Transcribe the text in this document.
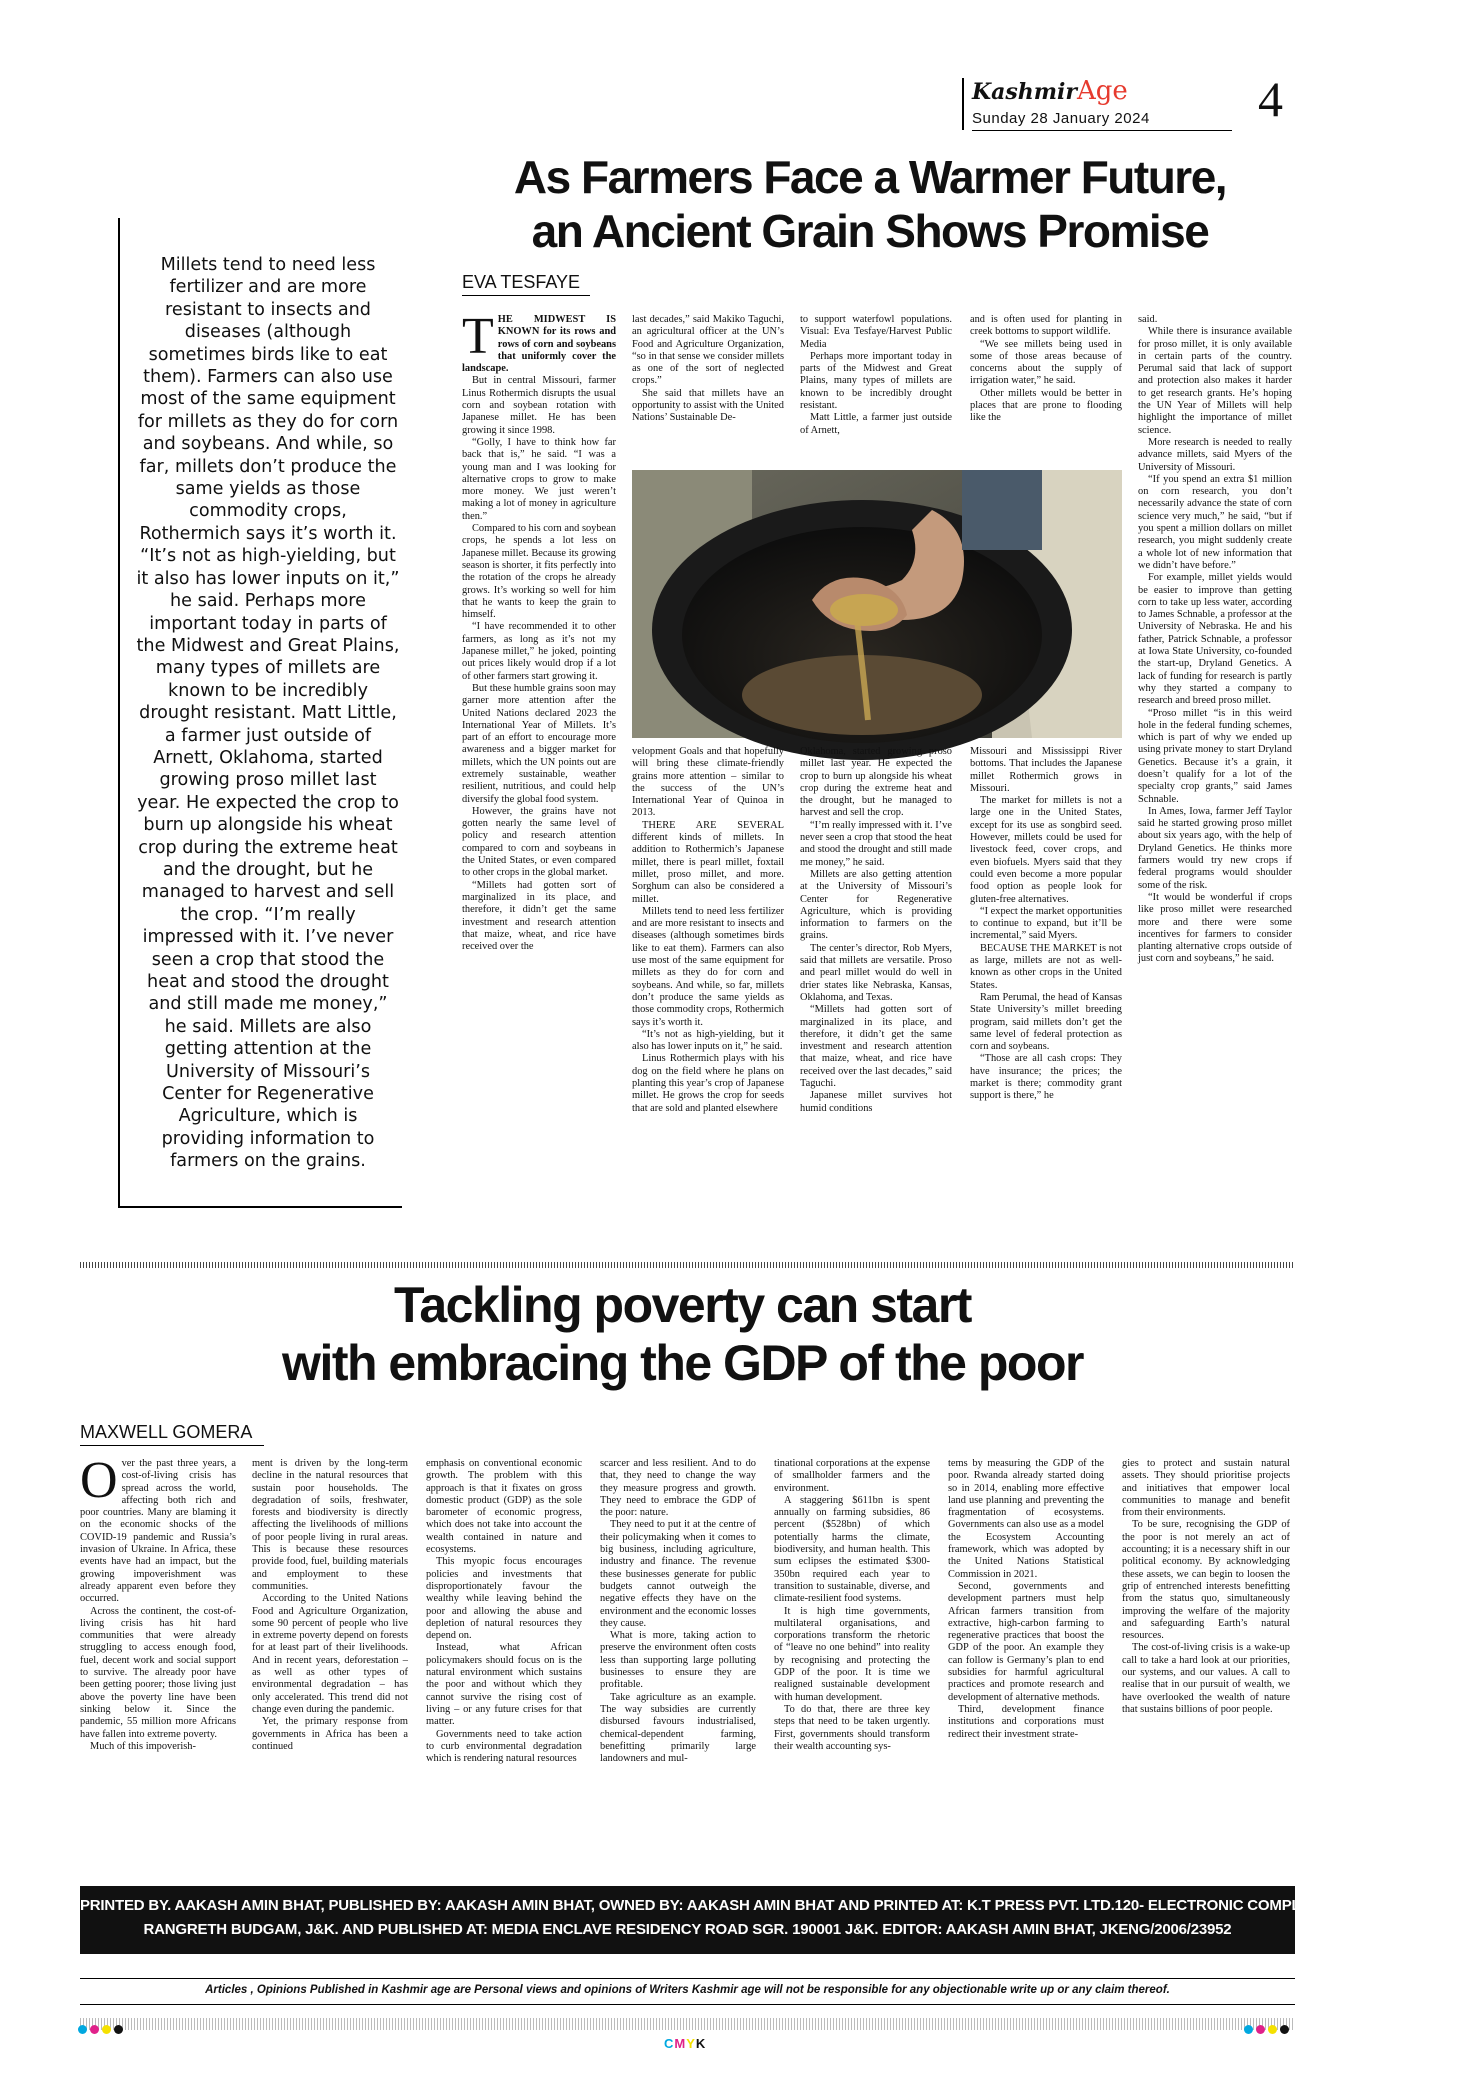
KashmirAge
Sunday 28 January 2024 4
As Farmers Face a Warmer Future,
an Ancient Grain Shows Promise
EVA TESFAYE
Millets tend to need less fertilizer and are more resistant to insects and diseases (although sometimes birds like to eat them). Farmers can also use most of the same equipment for millets as they do for corn and soybeans. And while, so far, millets don’t produce the same yields as those commodity crops, Rothermich says it’s worth it. “It’s not as high-yielding, but it also has lower inputs on it,” he said. Perhaps more important today in parts of the Midwest and Great Plains, many types of millets are known to be incredibly drought resistant. Matt Little, a farmer just outside of Arnett, Oklahoma, started growing proso millet last year. He expected the crop to burn up alongside his wheat crop during the extreme heat and the drought, but he managed to harvest and sell the crop. “I’m really impressed with it. I’ve never seen a crop that stood the heat and stood the drought and still made me money,” he said. Millets are also getting attention at the University of Missouri’s Center for Regenerative Agriculture, which is providing information to farmers on the grains.
T HE MIDWEST IS KNOWN for its rows and rows of corn and soybeans that uniformly cover the landscape.

But in central Missouri, farmer Linus Rothermich disrupts the usual corn and soybean rotation with Japanese millet. He has been growing it since 1998.

“Golly, I have to think how far back that is,” he said. “I was a young man and I was looking for alternative crops to grow to make more money. We just weren’t making a lot of money in agriculture then.”

Compared to his corn and soybean crops, he spends a lot less on Japanese millet. Because its growing season is shorter, it fits perfectly into the rotation of the crops he already grows. It’s working so well for him that he wants to keep the grain to himself.

“I have recommended it to other farmers, as long as it’s not my Japanese millet,” he joked, pointing out prices likely would drop if a lot of other farmers start growing it.

But these humble grains soon may garner more attention after the United Nations declared 2023 the International Year of Millets. It’s part of an effort to encourage more awareness and a bigger market for millets, which the UN points out are extremely sustainable, weather resilient, nutritious, and could help diversify the global food system.

However, the grains have not gotten nearly the same level of policy and research attention compared to corn and soybeans in the United States, or even compared to other crops in the global market.

“Millets had gotten sort of marginalized in its place, and therefore, it didn’t get the same investment and research attention that maize, wheat, and rice have received over the

last decades,” said Makiko Taguchi, an agricultural officer at the UN’s Food and Agriculture Organization, “so in that sense we consider millets as one of the sort of neglected crops.”

She said that millets have an opportunity to assist with the United Nations’ Sustainable De-

to support waterfowl populations. Visual: Eva Tesfaye/Harvest Public Media

Perhaps more important today in parts of the Midwest and Great Plains, many types of millets are known to be incredibly drought resistant.

Matt Little, a farmer just outside of Arnett,

and is often used for planting in creek bottoms to support wildlife.

“We see millets being used in some of those areas because of concerns about the supply of irrigation water,” he said.

Other millets would be better in places that are prone to flooding like the

velopment Goals and that hopefully will bring these climate-friendly grains more attention – similar to the success of the UN’s International Year of Quinoa in 2013.

THERE ARE SEVERAL different kinds of millets. In addition to Rothermich’s Japanese millet, there is pearl millet, foxtail millet, proso millet, and more. Sorghum can also be considered a millet.

Millets tend to need less fertilizer and are more resistant to insects and diseases (although sometimes birds like to eat them). Farmers can also use most of the same equipment for millets as they do for corn and soybeans. And while, so far, millets don’t produce the same yields as those commodity crops, Rothermich says it’s worth it.

“It’s not as high-yielding, but it also has lower inputs on it,” he said.

Linus Rothermich plays with his dog on the field where he plans on planting this year’s crop of Japanese millet. He grows the crop for seeds that are sold and planted elsewhere

Oklahoma, started growing proso millet last year. He expected the crop to burn up alongside his wheat crop during the extreme heat and the drought, but he managed to harvest and sell the crop.

“I’m really impressed with it. I’ve never seen a crop that stood the heat and stood the drought and still made me money,” he said.

Millets are also getting attention at the University of Missouri’s Center for Regenerative Agriculture, which is providing information to farmers on the grains.

The center’s director, Rob Myers, said that millets are versatile. Proso and pearl millet would do well in drier states like Nebraska, Kansas, Oklahoma, and Texas.

“Millets had gotten sort of marginalized in its place, and therefore, it didn’t get the same investment and research attention that maize, wheat, and rice have received over the last decades,” said Taguchi.

Japanese millet survives hot humid conditions

Missouri and Mississippi River bottoms. That includes the Japanese millet Rothermich grows in Missouri.

The market for millets is not a large one in the United States, except for its use as songbird seed. However, millets could be used for livestock feed, cover crops, and even biofuels. Myers said that they could even become a more popular food option as people look for gluten-free alternatives.

“I expect the market opportunities to continue to expand, but it’ll be incremental,” said Myers.

BECAUSE THE MARKET is not as large, millets are not as well-known as other crops in the United States.

Ram Perumal, the head of Kansas State University’s millet breeding program, said millets don’t get the same level of federal protection as corn and soybeans.

“Those are all cash crops: They have insurance; the prices; the market is there; commodity grant support is there,” he

said.

While there is insurance available for proso millet, it is only available in certain parts of the country. Perumal said that lack of support and protection also makes it harder to get research grants. He’s hoping the UN Year of Millets will help highlight the importance of millet science.

More research is needed to really advance millets, said Myers of the University of Missouri.

“If you spend an extra $1 million on corn research, you don’t necessarily advance the state of corn science very much,” he said, “but if you spent a million dollars on millet research, you might suddenly create a whole lot of new information that we didn’t have before.”

For example, millet yields would be easier to improve than getting corn to take up less water, according to James Schnable, a professor at the University of Nebraska. He and his father, Patrick Schnable, a professor at Iowa State University, co-founded the start-up, Dryland Genetics. A lack of funding for research is partly why they started a company to research and breed proso millet.

“Proso millet “is in this weird hole in the federal funding schemes, which is part of why we ended up using private money to start Dryland Genetics. Because it’s a grain, it doesn’t qualify for a lot of the specialty crop grants,” said James Schnable.

In Ames, Iowa, farmer Jeff Taylor said he started growing proso millet about six years ago, with the help of Dryland Genetics. He thinks more farmers would try new crops if federal programs would shoulder some of the risk.

“It would be wonderful if crops like proso millet were researched more and there were some incentives for farmers to consider planting alternative crops outside of just corn and soybeans,” he said.

Tackling poverty can start
with embracing the GDP of the poor
MAXWELL GOMERA
O ver the past three years, a cost-of-living crisis has spread across the world, affecting both rich and poor countries. Many are blaming it on the economic shocks of the COVID-19 pandemic and Russia’s invasion of Ukraine. In Africa, these events have had an impact, but the growing impoverishment was already apparent even before they occurred.

Across the continent, the cost-of-living crisis has hit hard communities that were already struggling to access enough food, fuel, decent work and social support to survive. The already poor have been getting poorer; those living just above the poverty line have been sinking below it. Since the pandemic, 55 million more Africans have fallen into extreme poverty.

Much of this impoverish-

ment is driven by the long-term decline in the natural resources that sustain poor households. The degradation of soils, freshwater, forests and biodiversity is directly affecting the livelihoods of millions of poor people living in rural areas. This is because these resources provide food, fuel, building materials and employment to these communities.

According to the United Nations Food and Agriculture Organization, some 90 percent of people who live in extreme poverty depend on forests for at least part of their livelihoods. And in recent years, deforestation – as well as other types of environmental degradation – has only accelerated. This trend did not change even during the pandemic.

Yet, the primary response from governments in Africa has been a continued

emphasis on conventional economic growth. The problem with this approach is that it fixates on gross domestic product (GDP) as the sole barometer of economic progress, which does not take into account the wealth contained in nature and ecosystems.

This myopic focus encourages policies and investments that disproportionately favour the wealthy while leaving behind the poor and allowing the abuse and depletion of natural resources they depend on.

Instead, what African policymakers should focus on is the natural environment which sustains the poor and without which they cannot survive the rising cost of living – or any future crises for that matter.

Governments need to take action to curb environmental degradation which is rendering natural resources

scarcer and less resilient. And to do that, they need to change the way they measure progress and growth. They need to embrace the GDP of the poor: nature.

They need to put it at the centre of their policymaking when it comes to big business, including agriculture, industry and finance. The revenue these businesses generate for public budgets cannot outweigh the negative effects they have on the environment and the economic losses they cause.

What is more, taking action to preserve the environment often costs less than supporting large polluting businesses to ensure they are profitable.

Take agriculture as an example. The way subsidies are currently disbursed favours industrialised, chemical-dependent farming, benefitting primarily large landowners and mul-

tinational corporations at the expense of smallholder farmers and the environment.

A staggering $611bn is spent annually on farming subsidies, 86 percent ($528bn) of which potentially harms the climate, biodiversity, and human health. This sum eclipses the estimated $300-350bn required each year to transition to sustainable, diverse, and climate-resilient food systems.

It is high time governments, multilateral organisations, and corporations transform the rhetoric of “leave no one behind” into reality by recognising and protecting the GDP of the poor. It is time we realigned sustainable development with human development.

To do that, there are three key steps that need to be taken urgently. First, governments should transform their wealth accounting sys-

tems by measuring the GDP of the poor. Rwanda already started doing so in 2014, enabling more effective land use planning and preventing the fragmentation of ecosystems. Governments can also use as a model the Ecosystem Accounting framework, which was adopted by the United Nations Statistical Commission in 2021.

Second, governments and development partners must help African farmers transition from extractive, high-carbon farming to regenerative practices that boost the GDP of the poor. An example they can follow is Germany’s plan to end subsidies for harmful agricultural practices and promote research and development of alternative methods.

Third, development finance institutions and corporations must redirect their investment strate-

gies to protect and sustain natural assets. They should prioritise projects and initiatives that empower local communities to manage and benefit from their environments.

To be sure, recognising the GDP of the poor is not merely an act of accounting; it is a necessary shift in our political economy. By acknowledging these assets, we can begin to loosen the grip of entrenched interests benefitting from the status quo, simultaneously improving the welfare of the majority and safeguarding Earth’s natural resources.

The cost-of-living crisis is a wake-up call to take a hard look at our priorities, our systems, and our values. A call to realise that in our pursuit of wealth, we have overlooked the wealth of nature that sustains billions of poor people.

PRINTED BY. AAKASH AMIN BHAT, PUBLISHED BY: AAKASH AMIN BHAT, OWNED BY: AAKASH AMIN BHAT AND PRINTED AT: K.T PRESS PVT. LTD.120- ELECTRONIC COMPLEX INDUSTRIAL ESTATE
RANGRETH BUDGAM, J&K. AND PUBLISHED AT: MEDIA ENCLAVE RESIDENCY ROAD SGR. 190001 J&K. EDITOR: AAKASH AMIN BHAT, JKENG/2006/23952
Articles , Opinions Published in Kashmir age are Personal views and opinions of Writers Kashmir age will not be responsible for any objectionable write up or any claim thereof.
CMYK
